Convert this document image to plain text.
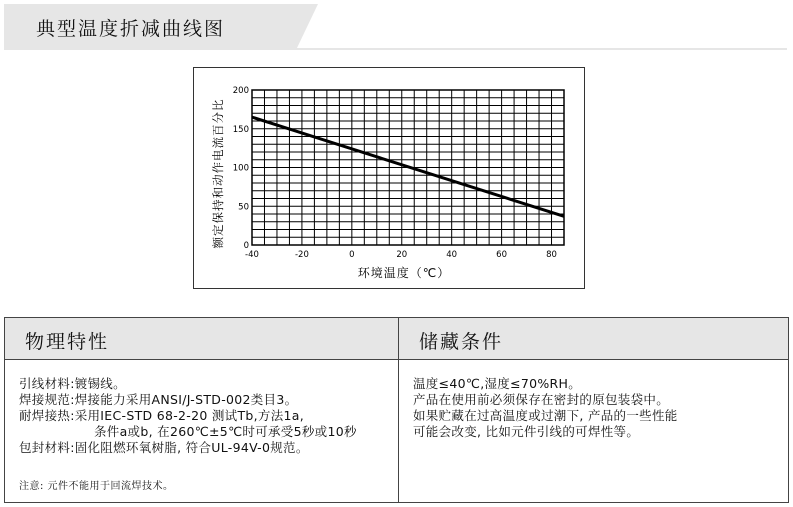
典型温度折减曲线图
-40	-20	0	20	40	60	80
0
50
100
150
200
环境温度（℃）
额定保持和动作电流百分比
物理特性
引线材料:镀锡线。
焊接规范:焊接能力采用ANSI/J-STD-002类目3。
耐焊接热:采用IEC-STD 68-2-20 测试Tb,方法1a,
条件a或b, 在260℃±5℃时可承受5秒或10秒
包封材料:固化阻燃环氧树脂, 符合UL-94V-0规范。
注意: 元件不能用于回流焊技术。
储藏条件
温度≤40℃,湿度≤70%RH。
产品在使用前必须保存在密封的原包装袋中。
如果贮藏在过高温度或过潮下, 产品的一些性能
可能会改变, 比如元件引线的可焊性等。
